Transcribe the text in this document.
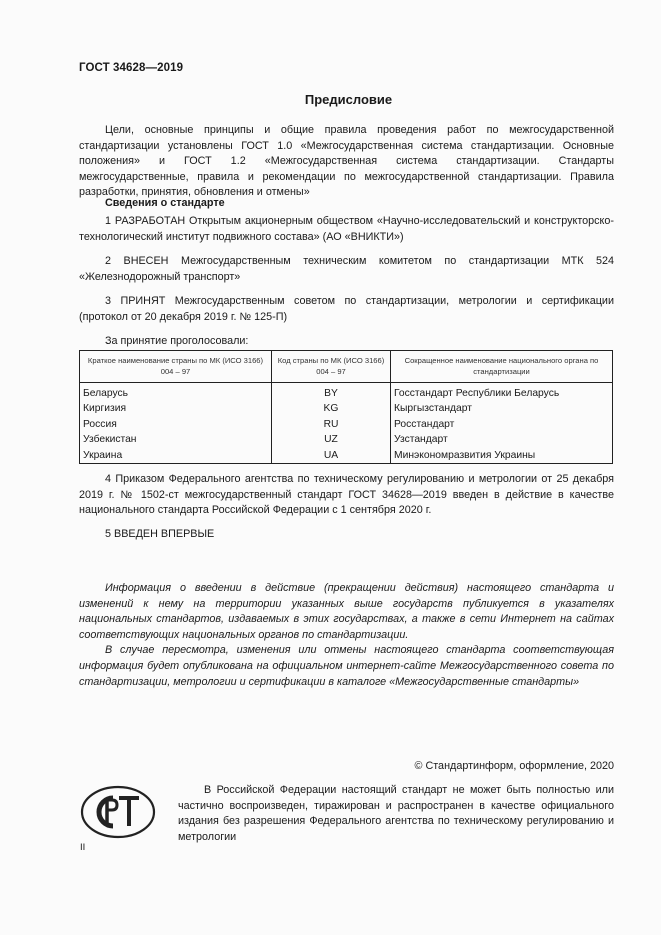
ГОСТ 34628—2019
Предисловие

Цели, основные принципы и общие правила проведения работ по межгосударственной стандартизации установлены ГОСТ 1.0 «Межгосударственная система стандартизации. Основные положения» и ГОСТ 1.2 «Межгосударственная система стандартизации. Стандарты межгосударственные, правила и рекомендации по межгосударственной стандартизации. Правила разработки, принятия, обновления и отмены»

Сведения о стандарте

1 РАЗРАБОТАН Открытым акционерным обществом «Научно-исследовательский и конструкторско-технологический институт подвижного состава» (АО «ВНИКТИ»)

2 ВНЕСЕН Межгосударственным техническим комитетом по стандартизации МТК 524 «Железнодорожный транспорт»

3 ПРИНЯТ Межгосударственным советом по стандартизации, метрологии и сертификации (протокол от 20 декабря 2019 г. № 125-П)

За принятие проголосовали:

Краткое наименование страны по МК (ИСО 3166) 004 – 97	Код страны по МК (ИСО 3166) 004 – 97	Сокращенное наименование национального органа по стандартизации
Беларусь	BY	Госстандарт Республики Беларусь
Киргизия	KG	Кыргызстандарт
Россия	RU	Росстандарт
Узбекистан	UZ	Узстандарт
Украина	UA	Минэкономразвития Украины

4 Приказом Федерального агентства по техническому регулированию и метрологии от 25 декабря 2019 г. № 1502-ст межгосударственный стандарт ГОСТ 34628—2019 введен в действие в качестве национального стандарта Российской Федерации с 1 сентября 2020 г.

5 ВВЕДЕН ВПЕРВЫЕ

Информация о введении в действие (прекращении действия) настоящего стандарта и изменений к нему на территории указанных выше государств публикуется в указателях национальных стандартов, издаваемых в этих государствах, а также в сети Интернет на сайтах соответствующих национальных органов по стандартизации.

В случае пересмотра, изменения или отмены настоящего стандарта соответствующая информация будет опубликована на официальном интернет-сайте Межгосударственного совета по стандартизации, метрологии и сертификации в каталоге «Межгосударственные стандарты»

© Стандартинформ, оформление, 2020

В Российской Федерации настоящий стандарт не может быть полностью или частично воспроизведен, тиражирован и распространен в качестве официального издания без разрешения Федерального агентства по техническому регулированию и метрологии

II
